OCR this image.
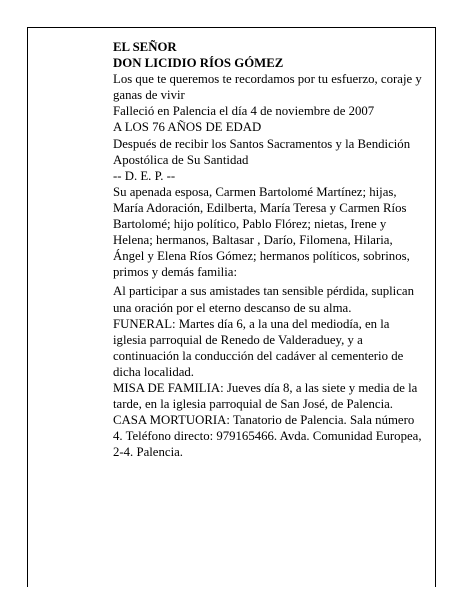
EL SEÑOR

DON LICIDIO RÍOS GÓMEZ

Los que te queremos te recordamos por tu esfuerzo, coraje y ganas de vivir

Falleció en Palencia el día 4 de noviembre de 2007

A LOS 76 AÑOS DE EDAD

Después de recibir los Santos Sacramentos y la Bendición Apostólica de Su Santidad

-- D. E. P. --

Su apenada esposa, Carmen Bartolomé Martínez; hijas, María Adoración, Edilberta, María Teresa y Carmen Ríos Bartolomé; hijo político, Pablo Flórez; nietas, Irene y Helena; hermanos, Baltasar , Darío, Filomena, Hilaria, Ángel y Elena Ríos Gómez; hermanos políticos, sobrinos, primos y demás familia:

Al participar a sus amistades tan sensible pérdida, suplican una oración por el eterno descanso de su alma.

FUNERAL: Martes día 6, a la una del mediodía, en la iglesia parroquial de Renedo de Valderaduey, y a continuación la conducción del cadáver al cementerio de dicha localidad.

MISA DE FAMILIA: Jueves día 8, a las siete y media de la tarde, en la iglesia parroquial de San José, de Palencia.

CASA MORTUORIA: Tanatorio de Palencia. Sala número 4. Teléfono directo: 979165466. Avda. Comunidad Europea, 2-4. Palencia.
